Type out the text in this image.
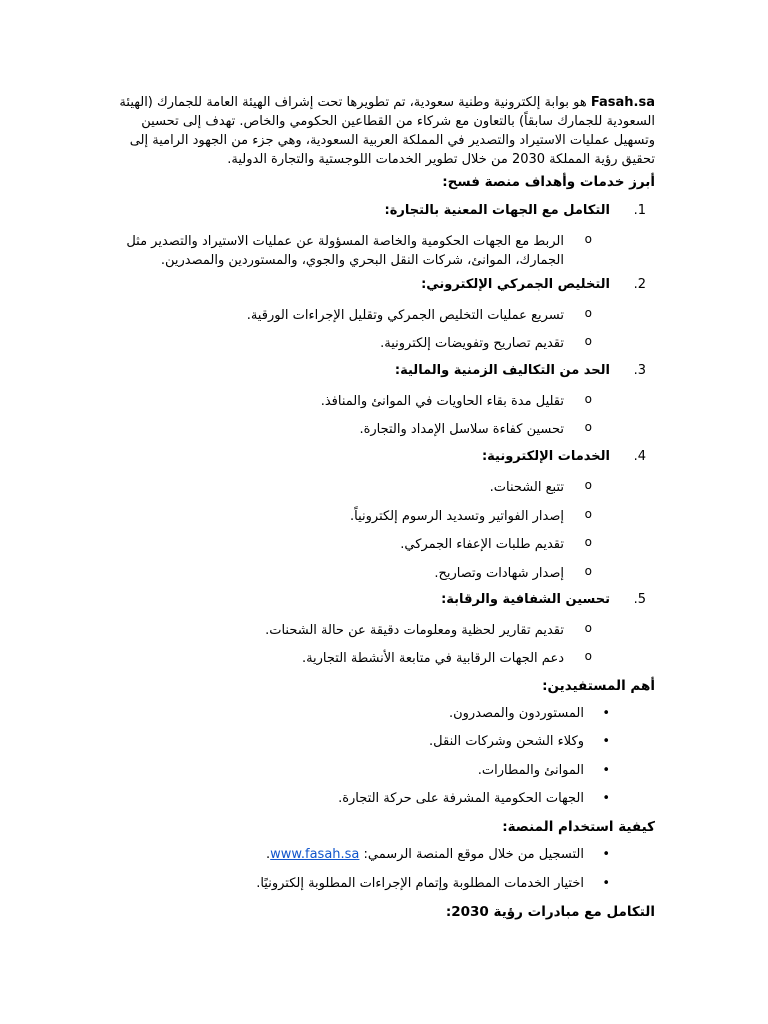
Fasah.sa هو بوابة إلكترونية وطنية سعودية، تم تطويرها تحت إشراف الهيئة العامة للجمارك (الهيئة السعودية للجمارك سابقاً) بالتعاون مع شركاء من القطاعين الحكومي والخاص. تهدف إلى تحسين وتسهيل عمليات الاستيراد والتصدير في المملكة العربية السعودية، وهي جزء من الجهود الرامية إلى تحقيق رؤية المملكة 2030 من خلال تطوير الخدمات اللوجستية والتجارة الدولية.

أبرز خدمات وأهداف منصة فسح:

1.
التكامل مع الجهات المعنية بالتجارة:
o
الربط مع الجهات الحكومية والخاصة المسؤولة عن عمليات الاستيراد والتصدير مثل الجمارك، الموانئ، شركات النقل البحري والجوي، والمستوردين والمصدرين.
2.
التخليص الجمركي الإلكتروني:
o
تسريع عمليات التخليص الجمركي وتقليل الإجراءات الورقية.
o
تقديم تصاريح وتفويضات إلكترونية.
3.
الحد من التكاليف الزمنية والمالية:
o
تقليل مدة بقاء الحاويات في الموانئ والمنافذ.
o
تحسين كفاءة سلاسل الإمداد والتجارة.
4.
الخدمات الإلكترونية:
o
تتبع الشحنات.
o
إصدار الفواتير وتسديد الرسوم إلكترونياً.
o
تقديم طلبات الإعفاء الجمركي.
o
إصدار شهادات وتصاريح.
5.
تحسين الشفافية والرقابة:
o
تقديم تقارير لحظية ومعلومات دقيقة عن حالة الشحنات.
o
دعم الجهات الرقابية في متابعة الأنشطة التجارية.

أهم المستفيدين:

•
المستوردون والمصدرون.
•
وكلاء الشحن وشركات النقل.
•
الموانئ والمطارات.
•
الجهات الحكومية المشرفة على حركة التجارة.

كيفية استخدام المنصة:

•
التسجيل من خلال موقع المنصة الرسمي: www.fasah.sa.
•
اختيار الخدمات المطلوبة وإتمام الإجراءات المطلوبة إلكترونيًا.

التكامل مع مبادرات رؤية 2030:
